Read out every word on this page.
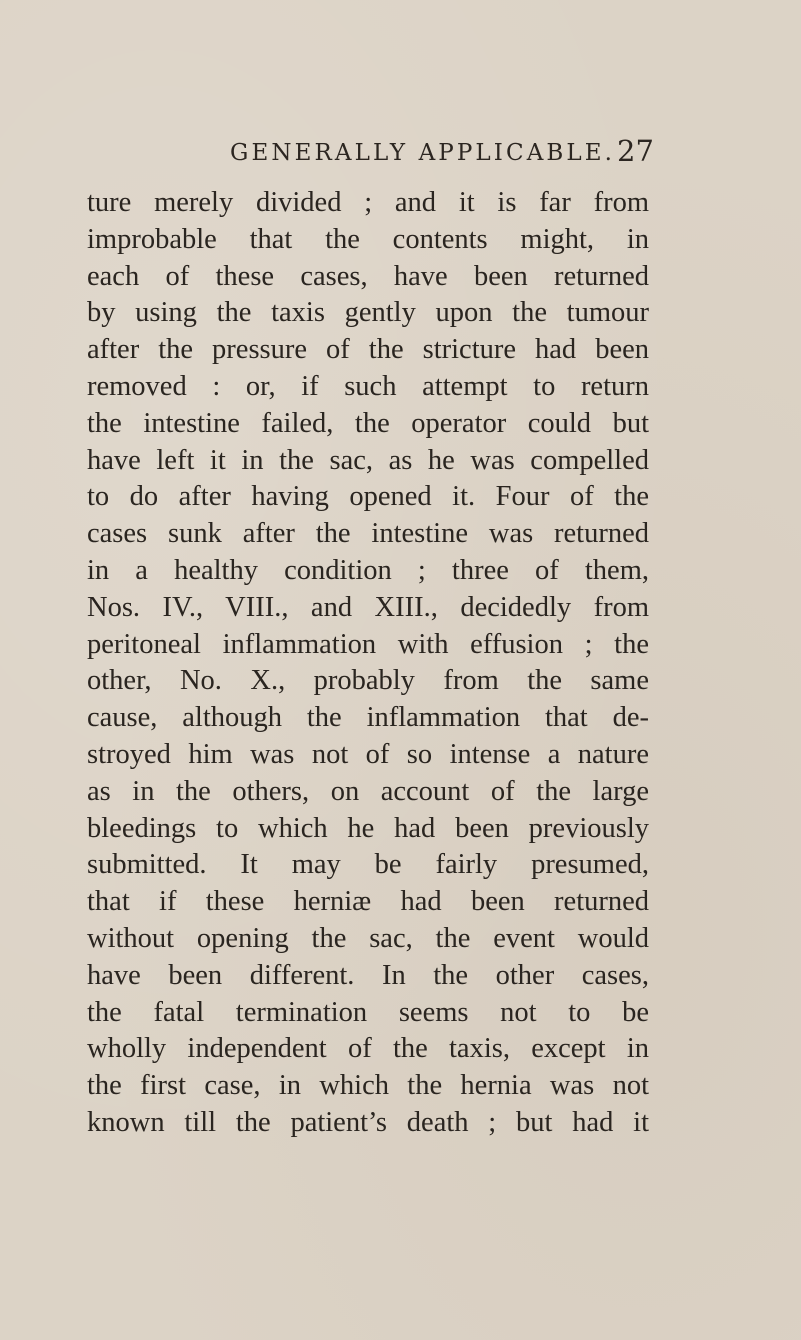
GENERALLY APPLICABLE. 27
ture merely divided ; and it is far from
improbable that the contents might, in
each of these cases, have been returned
by using the taxis gently upon the tumour
after the pressure of the stricture had been
removed : or, if such attempt to return
the intestine failed, the operator could but
have left it in the sac, as he was compelled
to do after having opened it. Four of the
cases sunk after the intestine was returned
in a healthy condition ; three of them,
Nos. IV., VIII., and XIII., decidedly from
peritoneal inflammation with effusion ; the
other, No. X., probably from the same
cause, although the inflammation that de-
stroyed him was not of so intense a nature
as in the others, on account of the large
bleedings to which he had been previously
submitted. It may be fairly presumed,
that if these herniæ had been returned
without opening the sac, the event would
have been different. In the other cases,
the fatal termination seems not to be
wholly independent of the taxis, except in
the first case, in which the hernia was not
known till the patient’s death ; but had it
